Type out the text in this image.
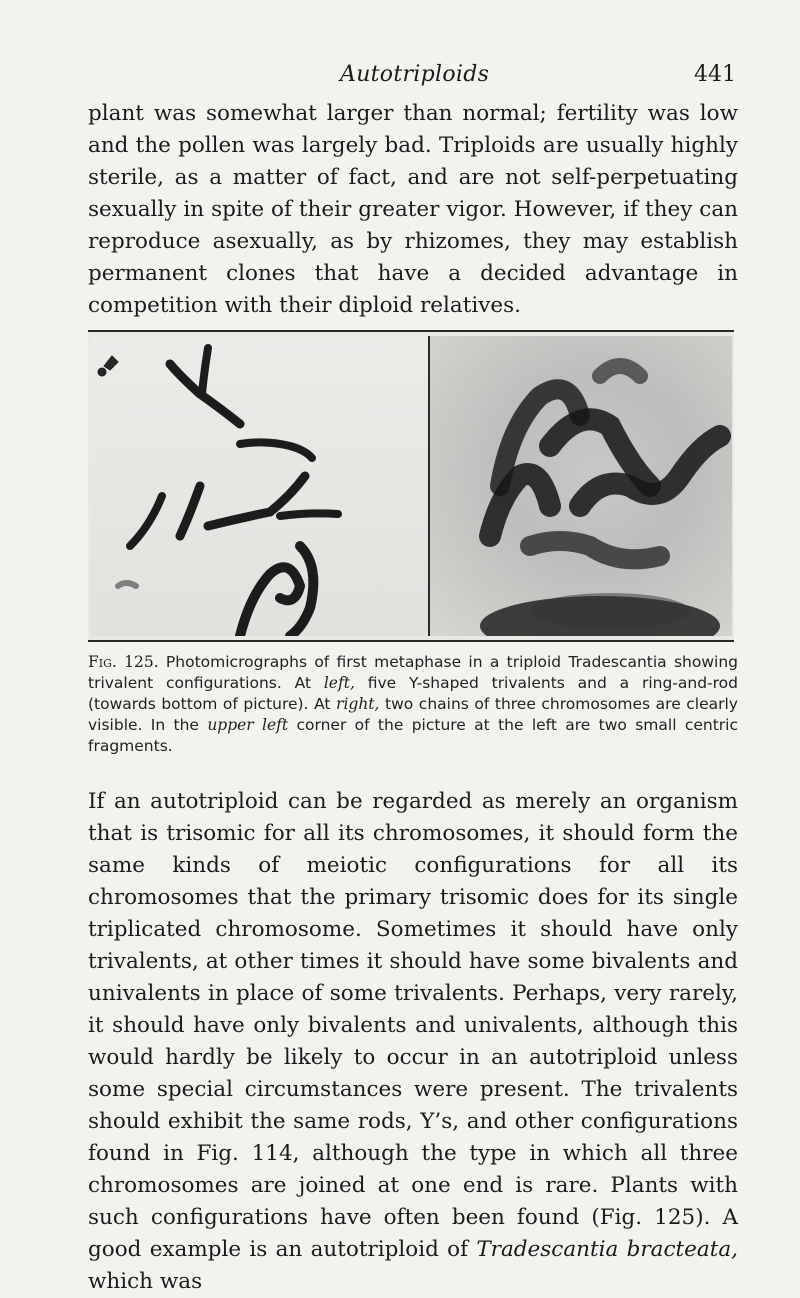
Autotriploids	441

plant was somewhat larger than normal; fertility was low and the pollen was largely bad. Triploids are usually highly sterile, as a matter of fact, and are not self-perpetuating sexually in spite of their greater vigor. However, if they can reproduce asexually, as by rhizomes, they may establish permanent clones that have a decided advantage in competition with their diploid relatives.

Fig. 125. Photomicrographs of first metaphase in a triploid Tradescantia showing trivalent configurations. At left, five Y-shaped trivalents and a ring-and-rod (towards bottom of picture). At right, two chains of three chromosomes are clearly visible. In the upper left corner of the picture at the left are two small centric fragments.

If an autotriploid can be regarded as merely an organism that is trisomic for all its chromosomes, it should form the same kinds of meiotic configurations for all its chromosomes that the primary trisomic does for its single triplicated chromosome. Sometimes it should have only trivalents, at other times it should have some bivalents and univalents in place of some trivalents. Perhaps, very rarely, it should have only bivalents and univalents, although this would hardly be likely to occur in an autotriploid unless some special circumstances were present. The trivalents should exhibit the same rods, Y’s, and other configurations found in Fig. 114, although the type in which all three chromosomes are joined at one end is rare. Plants with such configurations have often been found (Fig. 125). A good example is an autotriploid of Tradescantia bracteata, which was
